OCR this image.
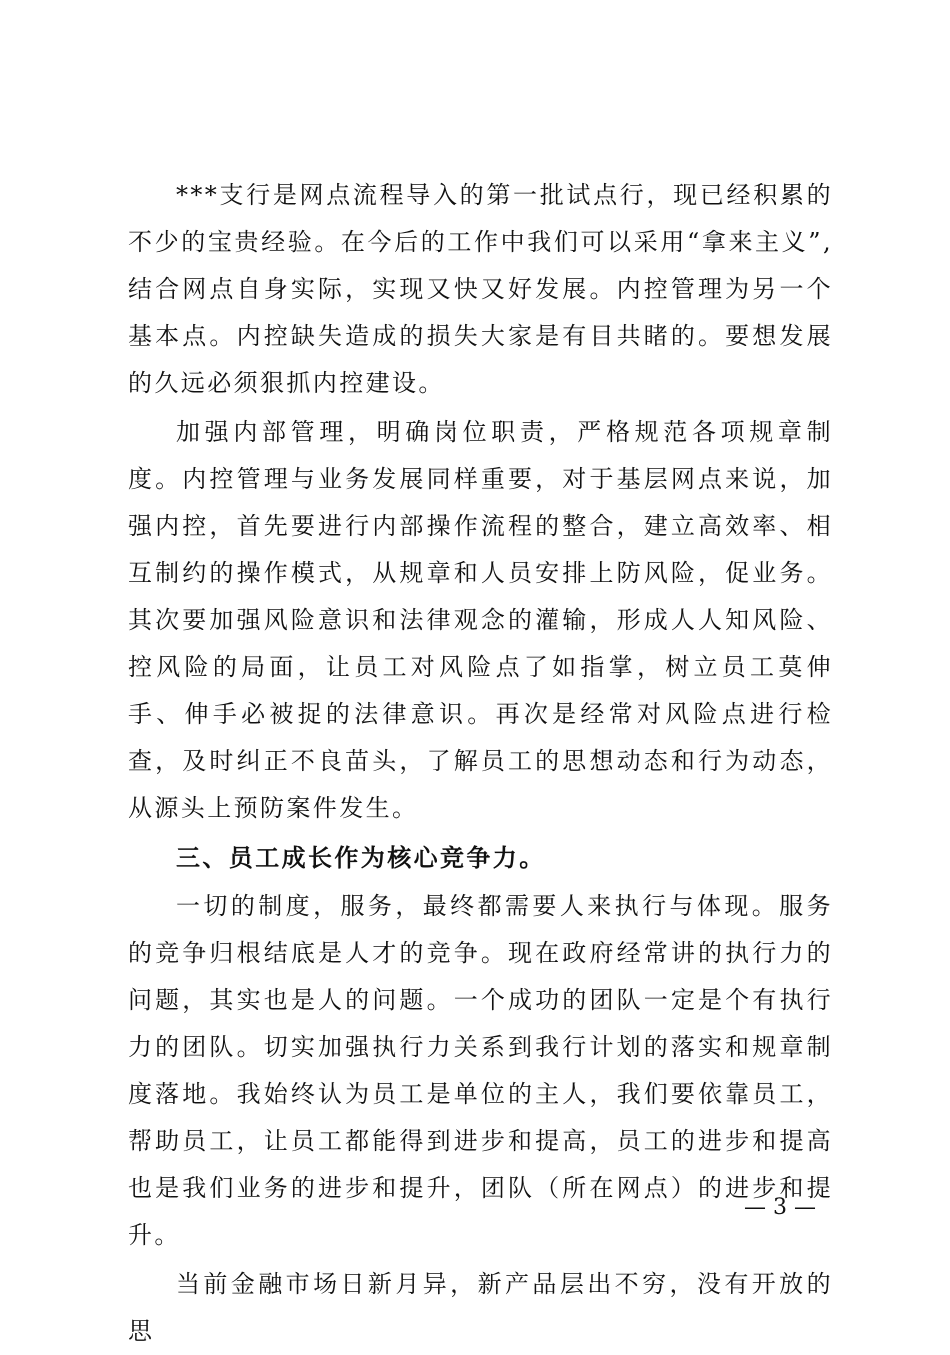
***支行是网点流程导入的第一批试点行，现已经积累的不少的宝贵经验。在今后的工作中我们可以采用“拿来主义”,结合网点自身实际，实现又快又好发展。内控管理为另一个基本点。内控缺失造成的损失大家是有目共睹的。要想发展的久远必须狠抓内控建设。

加强内部管理，明确岗位职责，严格规范各项规章制度。内控管理与业务发展同样重要，对于基层网点来说，加强内控，首先要进行内部操作流程的整合，建立高效率、相互制约的操作模式，从规章和人员安排上防风险，促业务。其次要加强风险意识和法律观念的灌输，形成人人知风险、控风险的局面，让员工对风险点了如指掌，树立员工莫伸手、伸手必被捉的法律意识。再次是经常对风险点进行检查，及时纠正不良苗头，了解员工的思想动态和行为动态，从源头上预防案件发生。

三、员工成长作为核心竞争力。

一切的制度，服务，最终都需要人来执行与体现。服务的竞争归根结底是人才的竞争。现在政府经常讲的执行力的问题，其实也是人的问题。一个成功的团队一定是个有执行力的团队。切实加强执行力关系到我行计划的落实和规章制度落地。我始终认为员工是单位的主人，我们要依靠员工，帮助员工，让员工都能得到进步和提高，员工的进步和提高也是我们业务的进步和提升，团队（所在网点）的进步和提升。

当前金融市场日新月异，新产品层出不穷，没有开放的思

— 3 —
